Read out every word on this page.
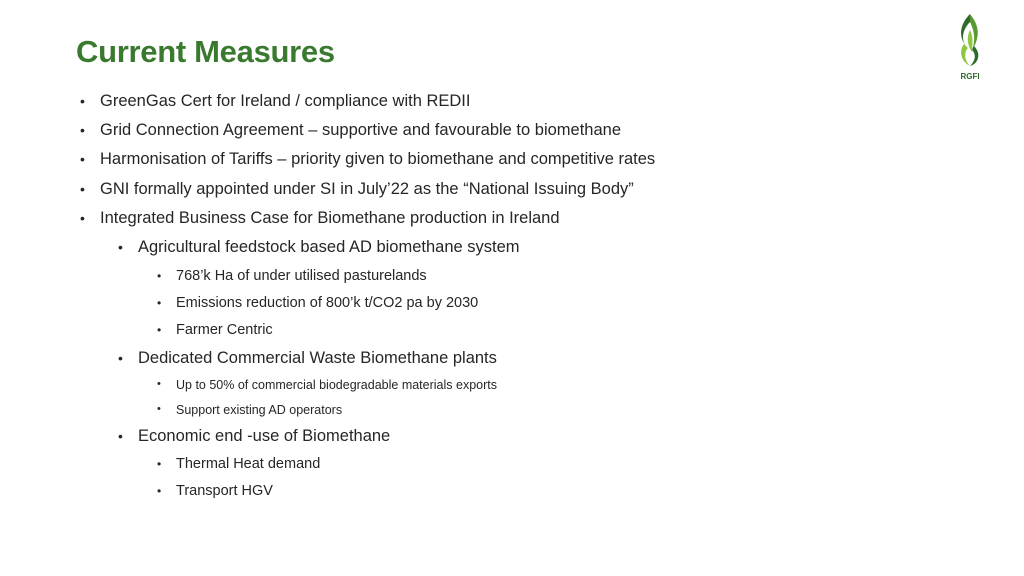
Current Measures
RGFI
• GreenGas Cert for Ireland / compliance with REDII
• Grid Connection Agreement – supportive and favourable to biomethane
• Harmonisation of Tariffs – priority given to biomethane and competitive rates
• GNI formally appointed under SI in July’22 as the “National Issuing Body”
• Integrated Business Case for Biomethane production in Ireland
• Agricultural feedstock based AD biomethane system
• 768’k Ha of under utilised pasturelands
• Emissions reduction of 800’k t/CO2 pa by 2030
• Farmer Centric
• Dedicated Commercial Waste Biomethane plants
• Up to 50% of commercial biodegradable materials exports
• Support existing AD operators
• Economic end -use of Biomethane
• Thermal Heat demand
• Transport HGV
